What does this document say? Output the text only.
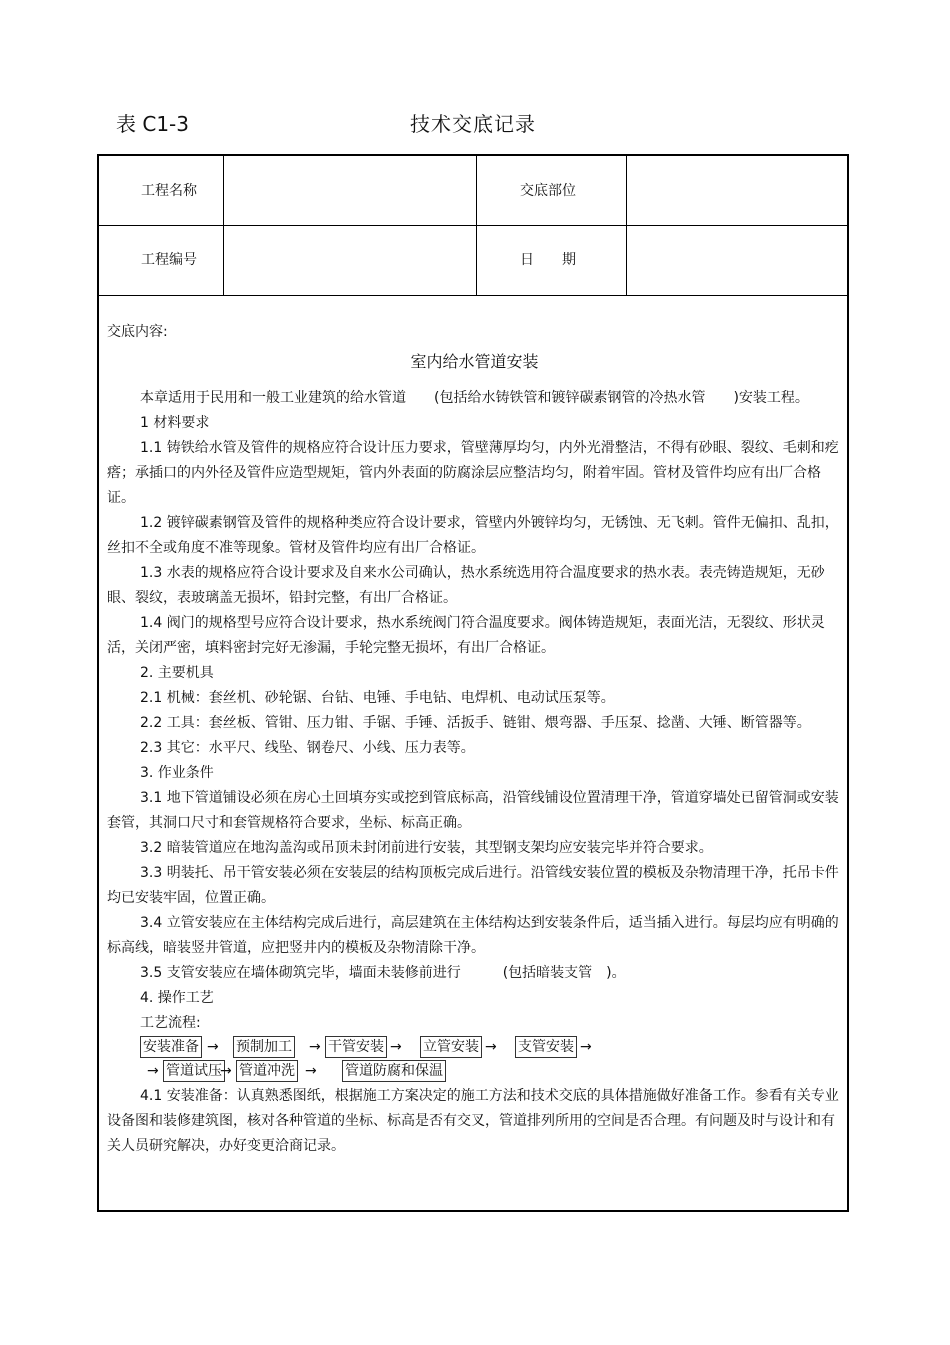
表 C1-3	技术交底记录
工程名称	交底部位
工程编号	日　　期

交底内容:

室内给水管道安装

本章适用于民用和一般工业建筑的给水管道　　(包括给水铸铁管和镀锌碳素钢管的冷热水管　　)安装工程。

1 材料要求

1.1 铸铁给水管及管件的规格应符合设计压力要求，管壁薄厚均匀，内外光滑整洁，不得有砂眼、裂纹、毛刺和疙瘩；承插口的内外径及管件应造型规矩，管内外表面的防腐涂层应整洁均匀，附着牢固。管材及管件均应有出厂合格证。

1.2 镀锌碳素钢管及管件的规格种类应符合设计要求，管壁内外镀锌均匀，无锈蚀、无飞刺。管件无偏扣、乱扣，丝扣不全或角度不准等现象。管材及管件均应有出厂合格证。

1.3 水表的规格应符合设计要求及自来水公司确认，热水系统选用符合温度要求的热水表。表壳铸造规矩，无砂眼、裂纹，表玻璃盖无损坏，铅封完整，有出厂合格证。

1.4 阀门的规格型号应符合设计要求，热水系统阀门符合温度要求。阀体铸造规矩，表面光洁，无裂纹、形状灵活，关闭严密，填料密封完好无渗漏，手轮完整无损坏，有出厂合格证。

2. 主要机具

2.1 机械：套丝机、砂轮锯、台钻、电锤、手电钻、电焊机、电动试压泵等。

2.2 工具：套丝板、管钳、压力钳、手锯、手锤、活扳手、链钳、煨弯器、手压泵、捻凿、大锤、断管器等。

2.3 其它：水平尺、线坠、钢卷尺、小线、压力表等。

3. 作业条件

3.1 地下管道铺设必须在房心土回填夯实或挖到管底标高，沿管线铺设位置清理干净，管道穿墙处已留管洞或安装套管，其洞口尺寸和套管规格符合要求，坐标、标高正确。

3.2 暗装管道应在地沟盖沟或吊顶未封闭前进行安装，其型钢支架均应安装完毕并符合要求。

3.3 明装托、吊干管安装必须在安装层的结构顶板完成后进行。沿管线安装位置的模板及杂物清理干净，托吊卡件均已安装牢固，位置正确。

3.4 立管安装应在主体结构完成后进行，高层建筑在主体结构达到安装条件后，适当插入进行。每层均应有明确的标高线，暗装竖井管道，应把竖井内的模板及杂物清除干净。

3.5 支管安装应在墙体砌筑完毕，墙面未装修前进行　　　(包括暗装支管　)。

4. 操作工艺

工艺流程:

安装准备 → 预制加工 → 干管安装 → 立管安装 → 支管安装 →
→ 管道试压
→ 管道冲洗 → 管道防腐和保温

4.1 安装准备：认真熟悉图纸，根据施工方案决定的施工方法和技术交底的具体措施做好准备工作。参看有关专业设备图和装修建筑图，核对各种管道的坐标、标高是否有交叉，管道排列所用的空间是否合理。有问题及时与设计和有关人员研究解决，办好变更洽商记录。
